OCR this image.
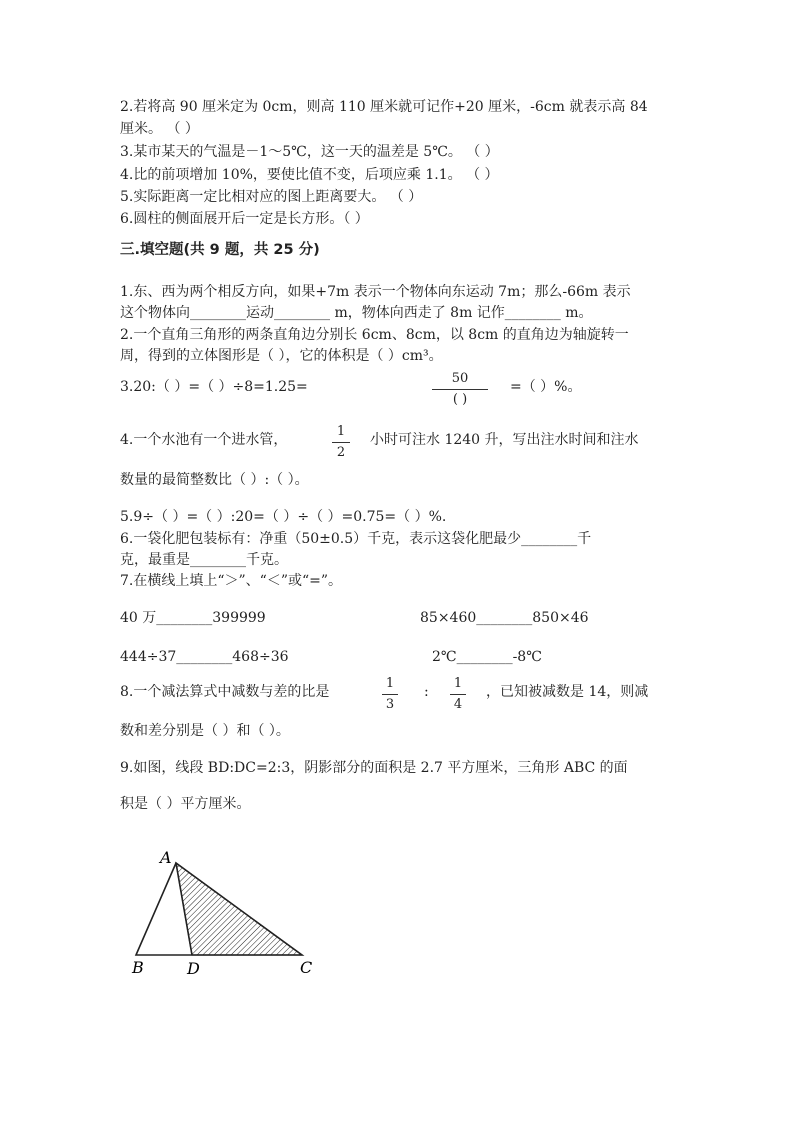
2.若将高 90 厘米定为 0cm，则高 110 厘米就可记作+20 厘米，-6cm 就表示高 84
厘米。 （ ）
3.某市某天的气温是－1～5℃，这一天的温差是 5℃。 （ ）
4.比的前项增加 10%，要使比值不变，后项应乘 1.1。 （ ）
5.实际距离一定比相对应的图上距离要大。 （ ）
6.圆柱的侧面展开后一定是长方形。（ ）
三.填空题(共 9 题，共 25 分)
1.东、西为两个相反方向，如果+7m 表示一个物体向东运动 7m；那么-66m 表示
这个物体向________运动________ m，物体向西走了 8m 记作________ m。
2.一个直角三角形的两条直角边分别长 6cm、8cm，以 8cm 的直角边为轴旋转一
周，得到的立体图形是（ ），它的体积是（ ）cm³。
3.20:（ ）=（ ）÷8=1.25=
50
( )
=（ ）%。
4.一个水池有一个进水管，
1
2
小时可注水 1240 升，写出注水时间和注水
数量的最简整数比（ ）:（ ）。
5.9÷（ ）=（ ）:20=（ ）÷（ ）=0.75=（ ）%.
6.一袋化肥包装标有：净重（50±0.5）千克，表示这袋化肥最少________千
克，最重是________千克。
7.在横线上填上“＞”、“＜”或“=”。
40 万________399999	85×460________850×46
444÷37________468÷36	2℃________-8℃
8.一个减法算式中减数与差的比是
1
3
:
1
4
，已知被减数是 14，则减
数和差分别是（ ）和（ ）。
9.如图，线段 BD:DC=2:3，阴影部分的面积是 2.7 平方厘米，三角形 ABC 的面
积是（ ）平方厘米。
A
B	D	C
